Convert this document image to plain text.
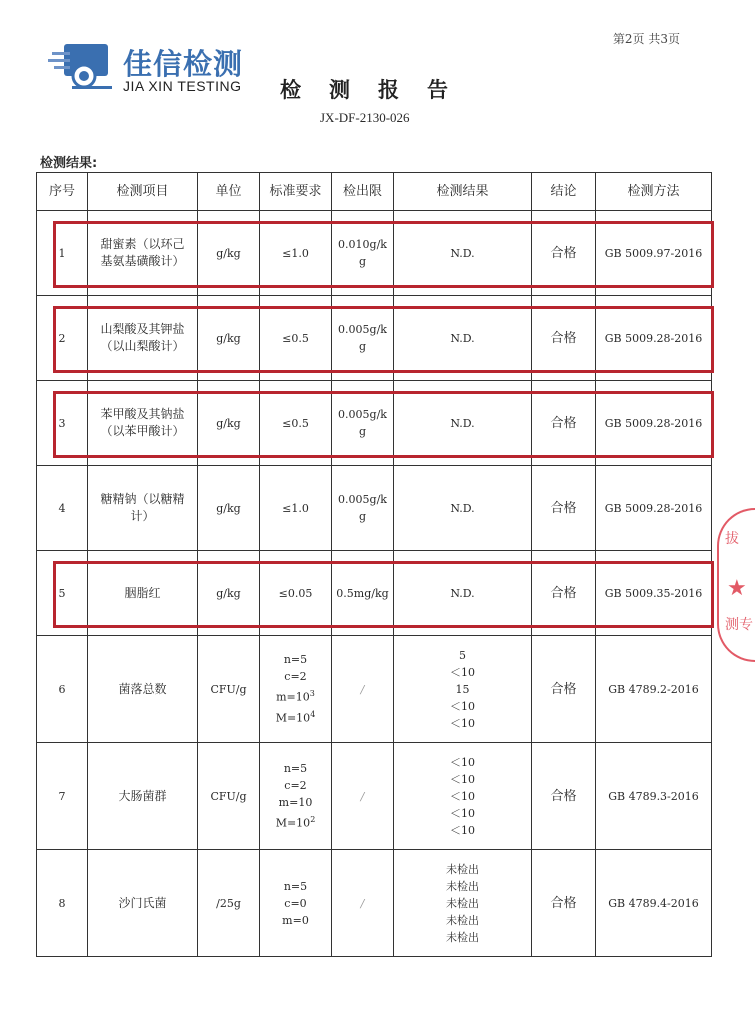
第2页 共3页
佳信检测
JIA XIN TESTING 检测报告
JX-DF-2130-026
检测结果:
序号	检测项目	单位	标准要求	检出限	检测结果	结论	检测方法
1	甜蜜素（以环己
基氨基磺酸计）	g/kg	≤1.0	0.010g/k
g	N.D.	合格	GB 5009.97-2016
2	山梨酸及其钾盐
（以山梨酸计）	g/kg	≤0.5	0.005g/k
g	N.D.	合格	GB 5009.28-2016
3	苯甲酸及其钠盐
（以苯甲酸计）	g/kg	≤0.5	0.005g/k
g	N.D.	合格	GB 5009.28-2016
4	糖精钠（以糖精
计）	g/kg	≤1.0	0.005g/k
g	N.D.	合格	GB 5009.28-2016
5	胭脂红	g/kg	≤0.05	0.5mg/kg	N.D.	合格	GB 5009.35-2016
6	菌落总数	CFU/g	n=5
c=2
$m=10^3$
$M=10^4$	/	5
＜10
15
＜10
＜10	合格	GB 4789.2-2016
7	大肠菌群	CFU/g	n=5
c=2
m=10
$M=10^2$	/	＜10
＜10
＜10
＜10
＜10	合格	GB 4789.3-2016
8	沙门氏菌	/25g	n=5
c=0
m=0	/	未检出
未检出
未检出
未检出
未检出	合格	GB 4789.4-2016
拔
★
测专
